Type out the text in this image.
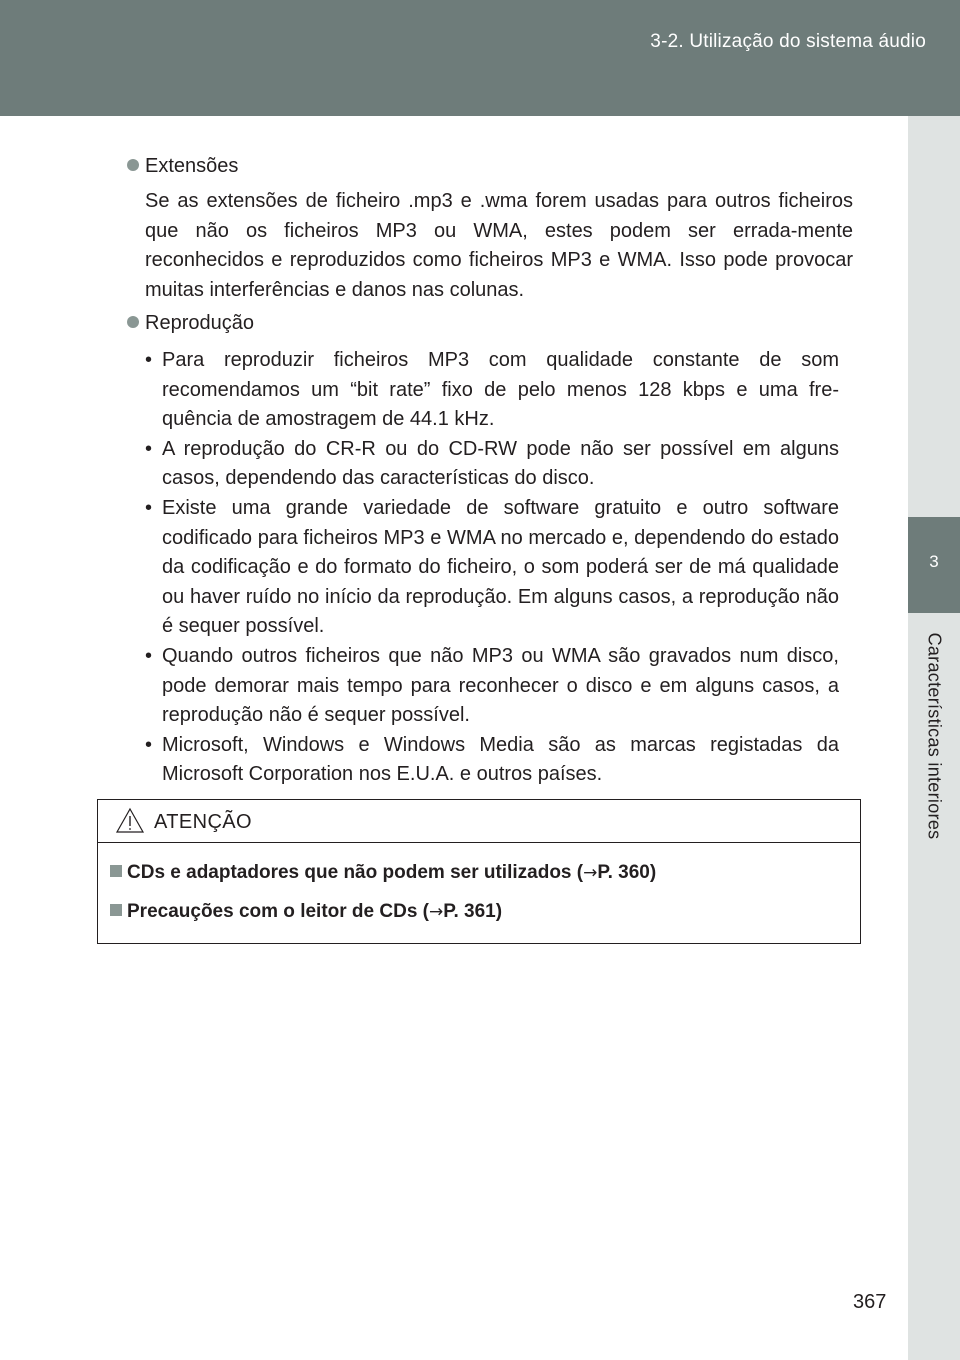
3-2. Utilização do sistema áudio
3
Características interiores
Extensões
Se as extensões de ficheiro .mp3 e .wma forem usadas para outros ficheiros que não os ficheiros MP3 ou WMA, estes podem ser errada-mente reconhecidos e reproduzidos como ficheiros MP3 e WMA. Isso pode provocar muitas interferências e danos nas colunas.
Reprodução
• Para reproduzir ficheiros MP3 com qualidade constante de som recomendamos um “bit rate” fixo de pelo menos 128 kbps e uma fre-quência de amostragem de 44.1 kHz.
• A reprodução do CR-R ou do CD-RW pode não ser possível em alguns casos, dependendo das características do disco.
• Existe uma grande variedade de software gratuito e outro software codificado para ficheiros MP3 e WMA no mercado e, dependendo do estado da codificação e do formato do ficheiro, o som poderá ser de má qualidade ou haver ruído no início da reprodução. Em alguns casos, a reprodução não é sequer possível.
• Quando outros ficheiros que não MP3 ou WMA são gravados num disco, pode demorar mais tempo para reconhecer o disco e em alguns casos, a reprodução não é sequer possível.
• Microsoft, Windows e Windows Media são as marcas registadas da Microsoft Corporation nos E.U.A. e outros países.
ATENÇÃO
CDs e adaptadores que não podem ser utilizados (→P. 360)
Precauções com o leitor de CDs (→P. 361)
367
